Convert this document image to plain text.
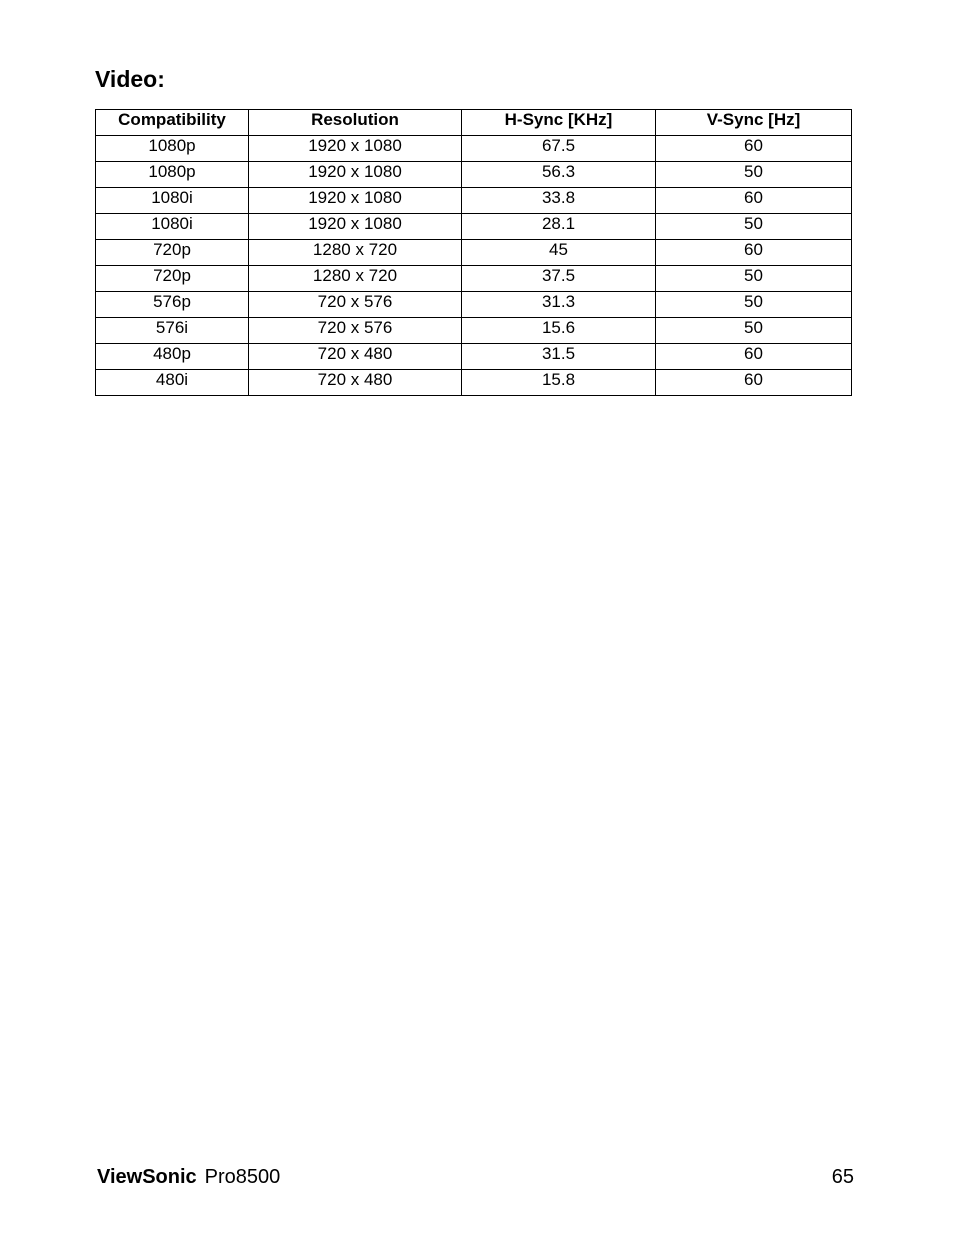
Video:
Compatibility	Resolution	H-Sync [KHz]	V-Sync [Hz]
1080p	1920 x 1080	67.5	60
1080p	1920 x 1080	56.3	50
1080i	1920 x 1080	33.8	60
1080i	1920 x 1080	28.1	50
720p	1280 x 720	45	60
720p	1280 x 720	37.5	50
576p	720 x 576	31.3	50
576i	720 x 576	15.6	50
480p	720 x 480	31.5	60
480i	720 x 480	15.8	60
ViewSonic Pro8500	65
